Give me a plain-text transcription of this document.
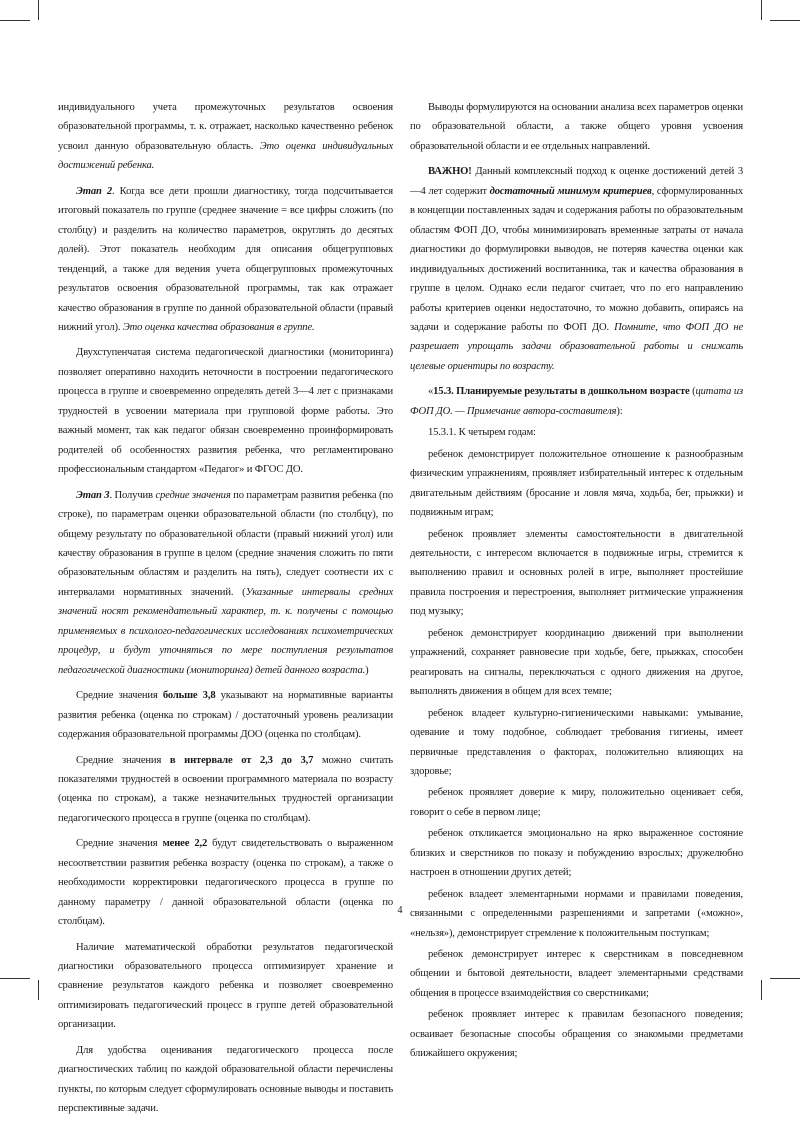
индивидуального учета промежуточных результатов освоения образовательной программы, т. к. отражает, насколько качественно ребенок усвоил данную образовательную область. Это оценка индивидуальных достижений ребенка.

Этап 2. Когда все дети прошли диагностику, тогда подсчитывается итоговый показатель по группе (среднее значение = все цифры сложить (по столбцу) и разделить на количество параметров, округлять до десятых долей). Этот показатель необходим для описания общегрупповых тенденций, а также для ведения учета общегрупповых промежуточных результатов освоения образовательной программы, так как отражает качество образования в группе по данной образовательной области (правый нижний угол). Это оценка качества образования в группе.

Двухступенчатая система педагогической диагностики (мониторинга) позволяет оперативно находить неточности в построении педагогического процесса в группе и своевременно определять детей 3—4 лет с признаками трудностей в усвоении материала при групповой форме работы. Это важный момент, так как педагог обязан своевременно проинформировать родителей об особенностях развития ребенка, что регламентировано профессиональным стандартом «Педагог» и ФГОС ДО.

Этап 3. Получив средние значения по параметрам развития ребенка (по строке), по параметрам оценки образовательной области (по столбцу), по общему результату по образовательной области (правый нижний угол) или качеству образования в группе в целом (средние значения сложить по пяти образовательным областям и разделить на пять), следует соотнести их с интервалами нормативных значений. (Указанные интервалы средних значений носят рекомендательный характер, т. к. получены с помощью применяемых в психолого-педагогических исследованиях психометрических процедур, и будут уточняться по мере поступления результатов педагогической диагностики (мониторинга) детей данного возраста.)

Средние значения больше 3,8 указывают на нормативные варианты развития ребенка (оценка по строкам) / достаточный уровень реализации содержания образовательной программы ДОО (оценка по столбцам).

Средние значения в интервале от 2,3 до 3,7 можно считать показателями трудностей в освоении программного материала по возрасту (оценка по строкам), а также незначительных трудностей организации педагогического процесса в группе (оценка по столбцам).

Средние значения менее 2,2 будут свидетельствовать о выраженном несоответствии развития ребенка возрасту (оценка по строкам), а также о необходимости корректировки педагогического процесса в группе по данному параметру / данной образовательной области (оценка по столбцам).

Наличие математической обработки результатов педагогической диагностики образовательного процесса оптимизирует хранение и сравнение результатов каждого ребенка и позволяет своевременно оптимизировать педагогический процесс в группе детей образовательной организации.

Для удобства оценивания педагогического процесса после диагностических таблиц по каждой образовательной области перечислены пункты, по которым следует сформулировать основные выводы и поставить перспективные задачи.

Выводы формулируются на основании анализа всех параметров оценки по образовательной области, а также общего уровня усвоения образовательной области и ее отдельных направлений.

ВАЖНО! Данный комплексный подход к оценке достижений детей 3—4 лет содержит достаточный минимум критериев, сформулированных в концепции поставленных задач и содержания работы по образовательным областям ФОП ДО, чтобы минимизировать временные затраты от начала диагностики до формулировки выводов, не потеряв качества оценки как индивидуальных достижений воспитанника, так и качества образования в группе в целом. Однако если педагог считает, что по его направлению работы критериев оценки недостаточно, то можно добавить, опираясь на задачи и содержание работы по ФОП ДО. Помните, что ФОП ДО не разрешает упрощать задачи образовательной работы и снижать целевые ориентиры по возрасту.

«15.3. Планируемые результаты в дошкольном возрасте (цитата из ФОП ДО. — Примечание автора-составителя):

15.3.1. К четырем годам:

ребенок демонстрирует положительное отношение к разнообразным физическим упражнениям, проявляет избирательный интерес к отдельным двигательным действиям (бросание и ловля мяча, ходьба, бег, прыжки) и подвижным играм;

ребенок проявляет элементы самостоятельности в двигательной деятельности, с интересом включается в подвижные игры, стремится к выполнению правил и основных ролей в игре, выполняет простейшие правила построения и перестроения, выполняет ритмические упражнения под музыку;

ребенок демонстрирует координацию движений при выполнении упражнений, сохраняет равновесие при ходьбе, беге, прыжках, способен реагировать на сигналы, переключаться с одного движения на другое, выполнять движения в общем для всех темпе;

ребенок владеет культурно-гигиеническими навыками: умывание, одевание и тому подобное, соблюдает требования гигиены, имеет первичные представления о факторах, положительно влияющих на здоровье;

ребенок проявляет доверие к миру, положительно оценивает себя, говорит о себе в первом лице;

ребенок откликается эмоционально на ярко выраженное состояние близких и сверстников по показу и побуждению взрослых; дружелюбно настроен в отношении других детей;

ребенок владеет элементарными нормами и правилами поведения, связанными с определенными разрешениями и запретами («можно», «нельзя»), демонстрирует стремление к положительным поступкам;

ребенок демонстрирует интерес к сверстникам в повседневном общении и бытовой деятельности, владеет элементарными средствами общения в процессе взаимодействия со сверстниками;

ребенок проявляет интерес к правилам безопасного поведения; осваивает безопасные способы обращения со знакомыми предметами ближайшего окружения;

4
